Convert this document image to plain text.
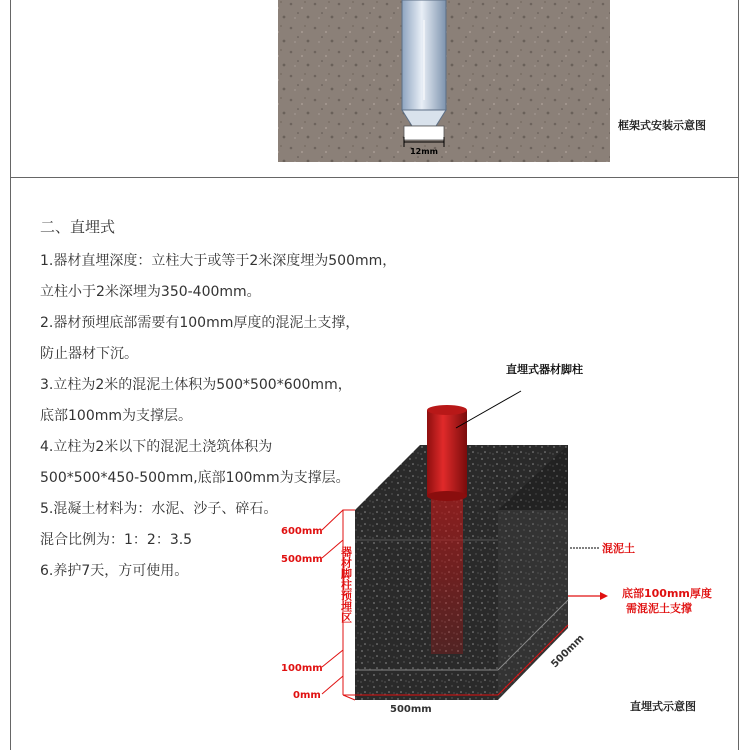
12mm
框架式安装示意图
二、直埋式
1.器材直埋深度：立柱大于或等于2米深度埋为500mm，
立柱小于2米深埋为350-400mm。
2.器材预埋底部需要有100mm厚度的混泥土支撑，
防止器材下沉。
3.立柱为2米的混泥土体积为500*500*600mm，
底部100mm为支撑层。
4.立柱为2米以下的混泥土浇筑体积为
500*500*450-500mm,底部100mm为支撑层。
5.混凝土材料为：水泥、沙子、碎石。
混合比例为：1：2：3.5
6.养护7天，方可使用。
直埋式器材脚柱
混泥土
底部100mm厚度
需混泥土支撑
600mm
500mm
100mm
0mm
器材脚柱预埋区
500mm
500mm
直埋式示意图
